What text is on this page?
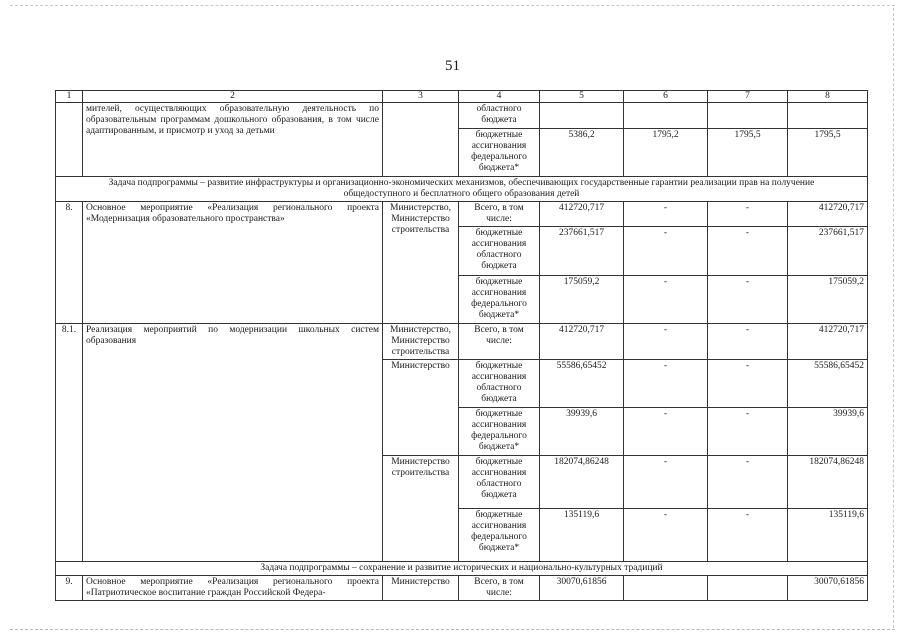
51
1	2	3	4	5	6	7	8
	мителей, осуществляющих образовательную деятельность по образовательным программам дошкольного образования, в том числе адаптированным, и присмотр и уход за детьми		областного бюджета				
			бюджетные ассигнования федерального бюджета*	5386,2	1795,2	1795,5	1795,5
Задача подпрограммы – развитие инфраструктуры и организационно-экономических механизмов, обеспечивающих государственные гарантии реализации прав на получение общедоступного и бесплатного общего образования детей							
8.	Основное мероприятие «Реализация регионального проекта «Модернизация образовательного пространства»	Министерство, Министерство строительства	Всего, в том числе:	412720,717	-	-	412720,717
			бюджетные ассигнования областного бюджета	237661,517	-	-	237661,517
			бюджетные ассигнования федерального бюджета*	175059,2	-	-	175059,2
8.1.	Реализация мероприятий по модернизации школьных систем образования	Министерство, Министерство строительства	Всего, в том числе:	412720,717	-	-	412720,717
		Министерство	бюджетные ассигнования областного бюджета	55586,65452	-	-	55586,65452
			бюджетные ассигнования федерального бюджета*	39939,6	-	-	39939,6
		Министерство строительства	бюджетные ассигнования областного бюджета	182074,86248	-	-	182074,86248
			бюджетные ассигнования федерального бюджета*	135119,6	-	-	135119,6
Задача подпрограммы – сохранение и развитие исторических и национально-культурных традиций							
9.	Основное мероприятие «Реализация регионального проекта «Патриотическое воспитание граждан Российской Федера-	Министерство	Всего, в том числе:	30070,61856			30070,61856
